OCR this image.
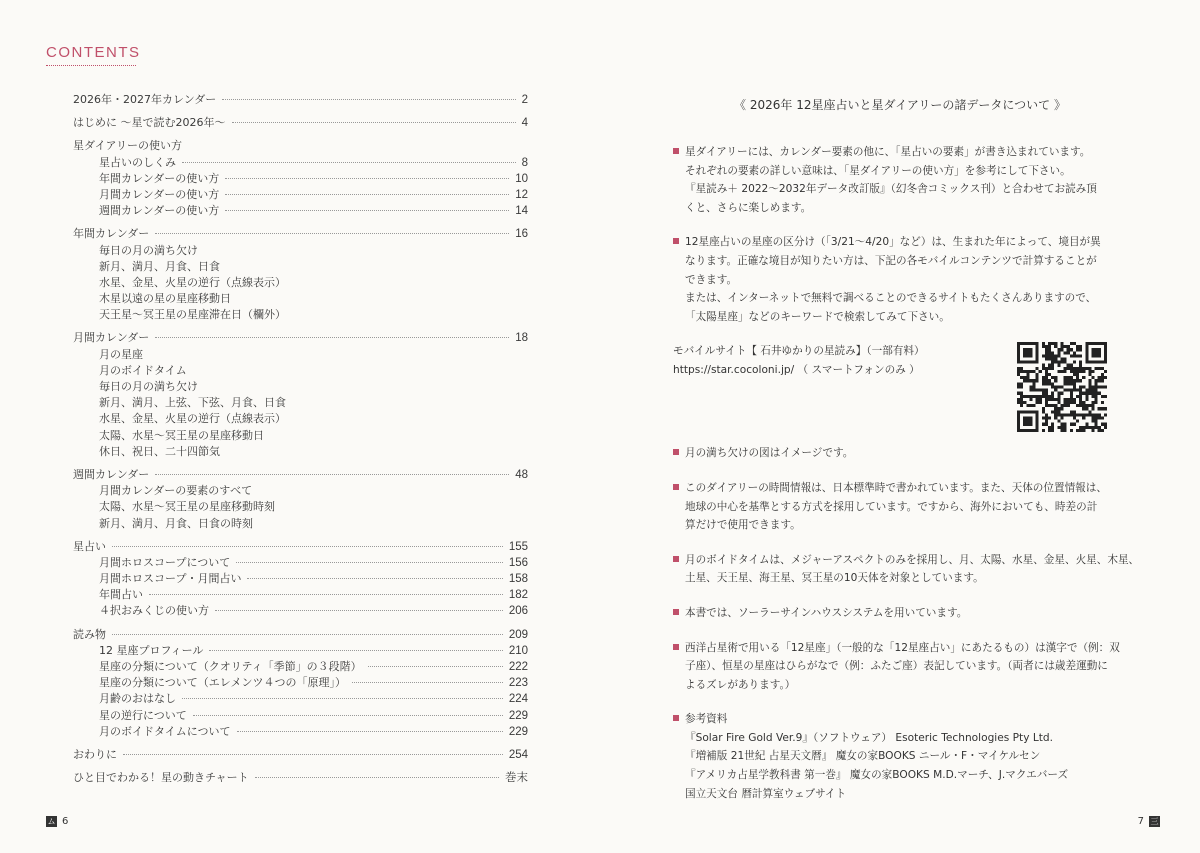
CONTENTS
2026年・2027年カレンダー	2
はじめに ～星で読む2026年～	4
星ダイアリーの使い方
星占いのしくみ	8
年間カレンダーの使い方	10
月間カレンダーの使い方	12
週間カレンダーの使い方	14
年間カレンダー	16
毎日の月の満ち欠け
新月、満月、月食、日食
水星、金星、火星の逆行（点線表示）
木星以遠の星の星座移動日
天王星～冥王星の星座滞在日（欄外）
月間カレンダー	18
月の星座
月のボイドタイム
毎日の月の満ち欠け
新月、満月、上弦、下弦、月食、日食
水星、金星、火星の逆行（点線表示）
太陽、水星～冥王星の星座移動日
休日、祝日、二十四節気
週間カレンダー	48
月間カレンダーの要素のすべて
太陽、水星～冥王星の星座移動時刻
新月、満月、月食、日食の時刻
星占い	155
月間ホロスコープについて	156
月間ホロスコープ・月間占い	158
年間占い	182
４択おみくじの使い方	206
読み物	209
12 星座プロフィール	210
星座の分類について（クオリティ「季節」の３段階）	222
星座の分類について（エレメンツ４つの「原理」）	223
月齢のおはなし	224
星の逆行について	229
月のボイドタイムについて	229
おわりに	254
ひと目でわかる！星の動きチャート	巻末
ム 6
《 2026年 12星座占いと星ダイアリーの諸データについて 》
星ダイアリーには、カレンダー要素の他に、「星占いの要素」が書き込まれています。
それぞれの要素の詳しい意味は、「星ダイアリーの使い方」を参考にして下さい。
『星読み＋ 2022～2032年データ改訂版』（幻冬舎コミックス刊）と合わせてお読み頂
くと、さらに楽しめます。
12星座占いの星座の区分け（「3/21～4/20」など）は、生まれた年によって、境目が異
なります。正確な境目が知りたい方は、下記の各モバイルコンテンツで計算することが
できます。
または、インターネットで無料で調べることのできるサイトもたくさんありますので、
「太陽星座」などのキーワードで検索してみて下さい。
モバイルサイト【 石井ゆかりの星読み】（一部有料）
https://star.cocoloni.jp/ （ スマートフォンのみ ）
月の満ち欠けの図はイメージです。
このダイアリーの時間情報は、日本標準時で書かれています。また、天体の位置情報は、
地球の中心を基準とする方式を採用しています。ですから、海外においても、時差の計
算だけで使用できます。
月のボイドタイムは、メジャーアスペクトのみを採用し、月、太陽、水星、金星、火星、木星、
土星、天王星、海王星、冥王星の10天体を対象としています。
本書では、ソーラーサインハウスシステムを用いています。
西洋占星術で用いる「12星座」（一般的な「12星座占い」にあたるもの）は漢字で（例：双
子座）、恒星の星座はひらがなで（例：ふたご座）表記しています。（両者には歳差運動に
よるズレがあります。）
参考資料
『Solar Fire Gold Ver.9』（ソフトウェア） Esoteric Technologies Pty Ltd.
『増補版 21世紀 占星天文暦』 魔女の家BOOKS ニール・F・マイケルセン
『アメリカ占星学教科書 第一巻』 魔女の家BOOKS M.D.マーチ、J.マクエバーズ
国立天文台 暦計算室ウェブサイト
7 三
